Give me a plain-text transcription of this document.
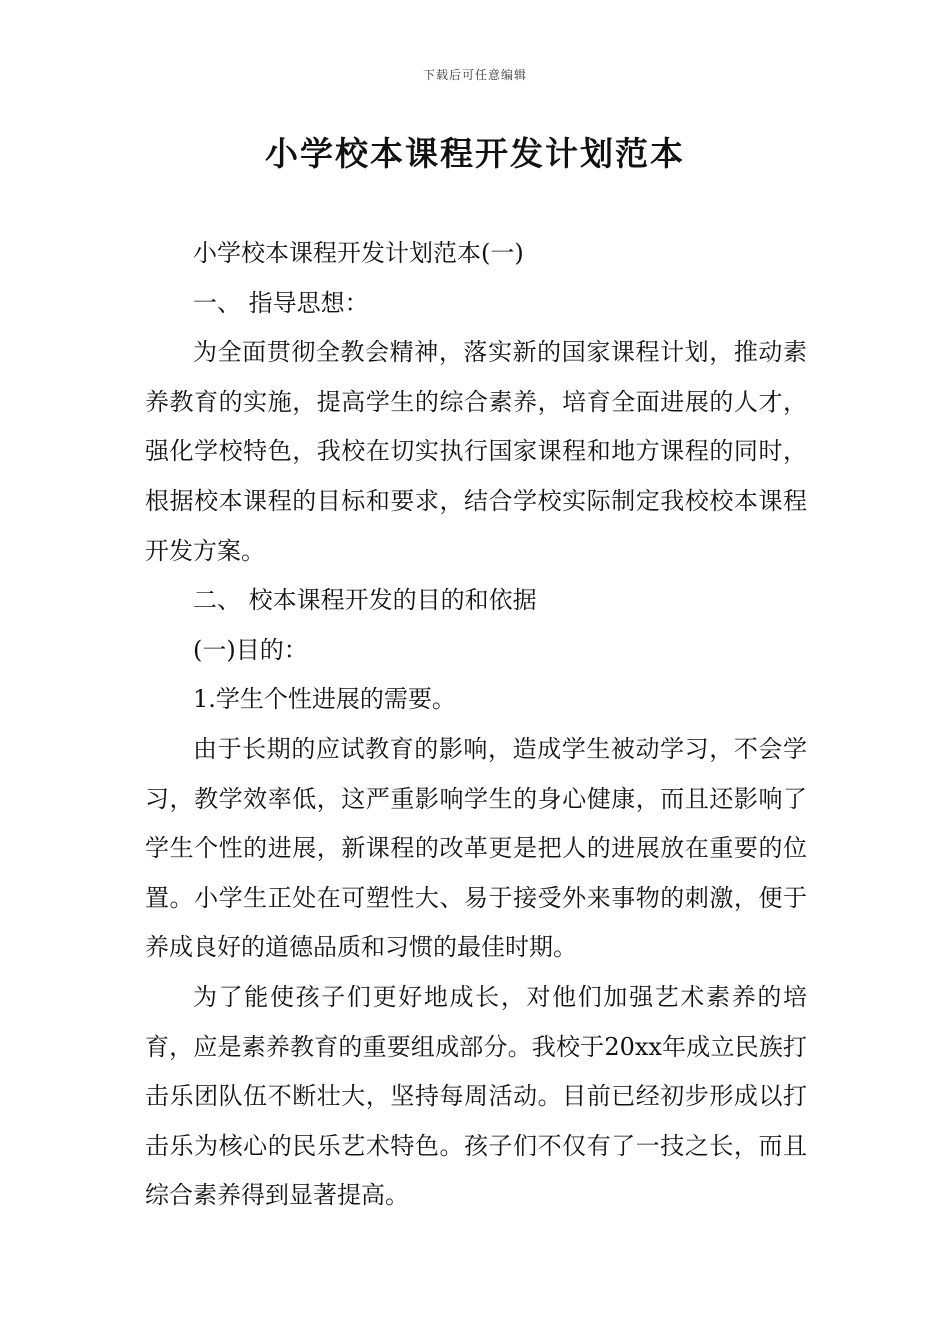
下载后可任意编辑
小学校本课程开发计划范本

小学校本课程开发计划范本(一)

一、 指导思想：

为全面贯彻全教会精神，落实新的国家课程计划，推动素养教育的实施，提高学生的综合素养，培育全面进展的人才，强化学校特色，我校在切实执行国家课程和地方课程的同时，根据校本课程的目标和要求，结合学校实际制定我校校本课程开发方案。

二、 校本课程开发的目的和依据

(一)目的：

1.学生个性进展的需要。

由于长期的应试教育的影响，造成学生被动学习，不会学习，教学效率低，这严重影响学生的身心健康，而且还影响了学生个性的进展，新课程的改革更是把人的进展放在重要的位置。小学生正处在可塑性大、易于接受外来事物的刺激，便于养成良好的道德品质和习惯的最佳时期。

为了能使孩子们更好地成长，对他们加强艺术素养的培育，应是素养教育的重要组成部分。我校于20xx年成立民族打击乐团队伍不断壮大，坚持每周活动。目前已经初步形成以打击乐为核心的民乐艺术特色。孩子们不仅有了一技之长，而且综合素养得到显著提高。
